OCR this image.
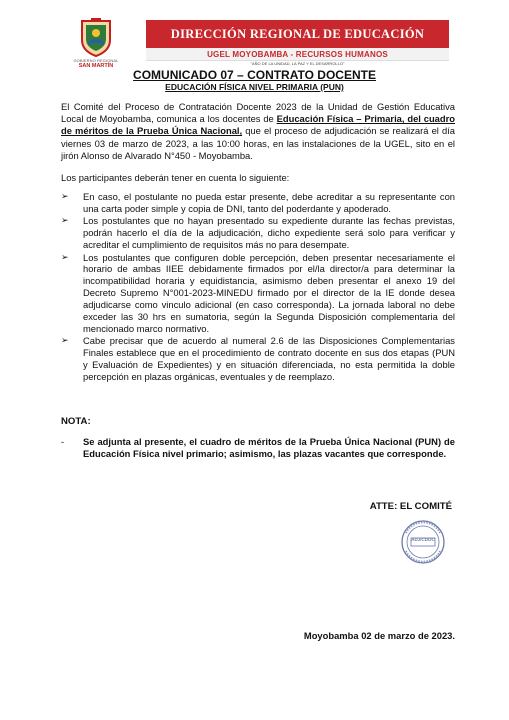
GOBIERNO REGIONAL
SAN MARTÍN
DIRECCIÓN REGIONAL DE EDUCACIÓN
UGEL MOYOBAMBA - RECURSOS HUMANOS
"AÑO DE LA UNIDAD, LA PAZ Y EL DESARROLLO"
COMUNICADO 07 – CONTRATO DOCENTE
EDUCACIÓN FÍSICA NIVEL PRIMARIA (PUN)
El Comité del Proceso de Contratación Docente 2023 de la Unidad de Gestión Educativa Local de Moyobamba, comunica a los docentes de Educación Física – Primaria, del cuadro de méritos de la Prueba Única Nacional, que el proceso de adjudicación se realizará el día viernes 03 de marzo de 2023, a las 10:00 horas, en las instalaciones de la UGEL, sito en el jirón Alonso de Alvarado N°450 - Moyobamba.
Los participantes deberán tener en cuenta lo siguiente:
➢ En caso, el postulante no pueda estar presente, debe acreditar a su representante con una carta poder simple y copia de DNI, tanto del poderdante y apoderado.
➢ Los postulantes que no hayan presentado su expediente durante las fechas previstas, podrán hacerlo el día de la adjudicación, dicho expediente será solo para verificar y acreditar el cumplimiento de requisitos más no para desempate.
➢ Los postulantes que configuren doble percepción, deben presentar necesariamente el horario de ambas IIEE debidamente firmados por el/la director/a para determinar la incompatibilidad horaria y equidistancia, asimismo deben presentar el anexo 19 del Decreto Supremo N°001-2023-MINEDU firmado por el director de la IE donde desea adjudicarse como vinculo adicional (en caso corresponda). La jornada laboral no debe exceder las 30 hrs en sumatoria, según la Segunda Disposición complementaria del mencionado marco normativo.
➢ Cabe precisar que de acuerdo al numeral 2.6 de las Disposiciones Complementarias Finales establece que en el procedimiento de contrato docente en sus dos etapas (PUN y Evaluación de Expedientes) y en situación diferenciada, no esta permitida la doble percepción en plazas orgánicas, eventuales y de reemplazo.
NOTA:
- Se adjunta al presente, el cuadro de méritos de la Prueba Única Nacional (PUN) de Educación Física nivel primario; asimismo, las plazas vacantes que corresponde.
ATTE: EL COMITÉ
ADJ/CDOC
Moyobamba 02 de marzo de 2023.
